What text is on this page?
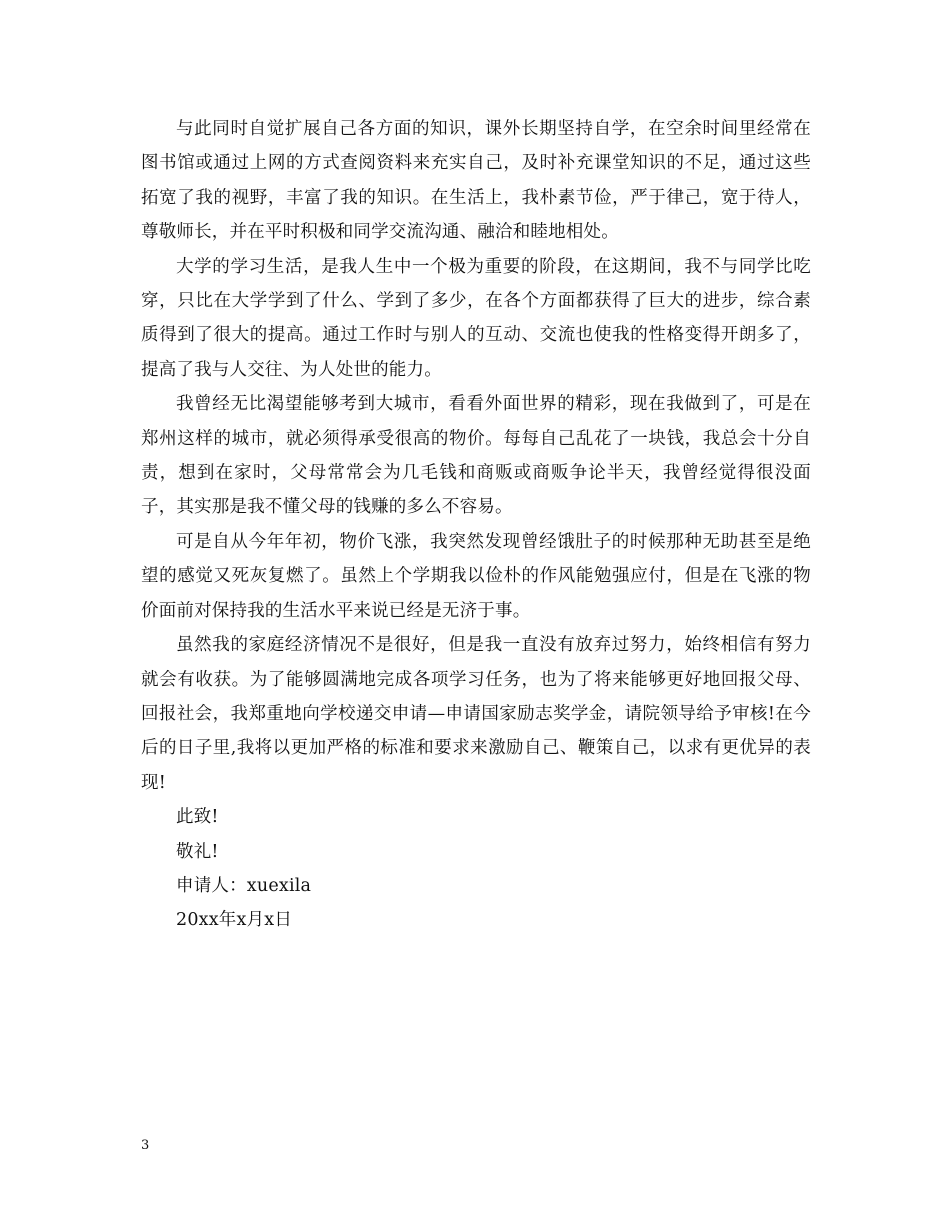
与此同时自觉扩展自己各方面的知识，课外长期坚持自学，在空余时间里经常在图书馆或通过上网的方式查阅资料来充实自己，及时补充课堂知识的不足，通过这些拓宽了我的视野，丰富了我的知识。在生活上，我朴素节俭，严于律己，宽于待人，尊敬师长，并在平时积极和同学交流沟通、融洽和睦地相处。

大学的学习生活，是我人生中一个极为重要的阶段，在这期间，我不与同学比吃穿，只比在大学学到了什么、学到了多少，在各个方面都获得了巨大的进步，综合素质得到了很大的提高。通过工作时与别人的互动、交流也使我的性格变得开朗多了，提高了我与人交往、为人处世的能力。

我曾经无比渴望能够考到大城市，看看外面世界的精彩，现在我做到了，可是在郑州这样的城市，就必须得承受很高的物价。每每自己乱花了一块钱，我总会十分自责，想到在家时，父母常常会为几毛钱和商贩或商贩争论半天，我曾经觉得很没面子，其实那是我不懂父母的钱赚的多么不容易。

可是自从今年年初，物价飞涨，我突然发现曾经饿肚子的时候那种无助甚至是绝望的感觉又死灰复燃了。虽然上个学期我以俭朴的作风能勉强应付，但是在飞涨的物价面前对保持我的生活水平来说已经是无济于事。

虽然我的家庭经济情况不是很好，但是我一直没有放弃过努力，始终相信有努力就会有收获。为了能够圆满地完成各项学习任务，也为了将来能够更好地回报父母、回报社会，我郑重地向学校递交申请—申请国家励志奖学金，请院领导给予审核!在今后的日子里,我将以更加严格的标准和要求来激励自己、鞭策自己，以求有更优异的表现!

此致!

敬礼!

申请人：xuexila

20xx年x月x日

3
